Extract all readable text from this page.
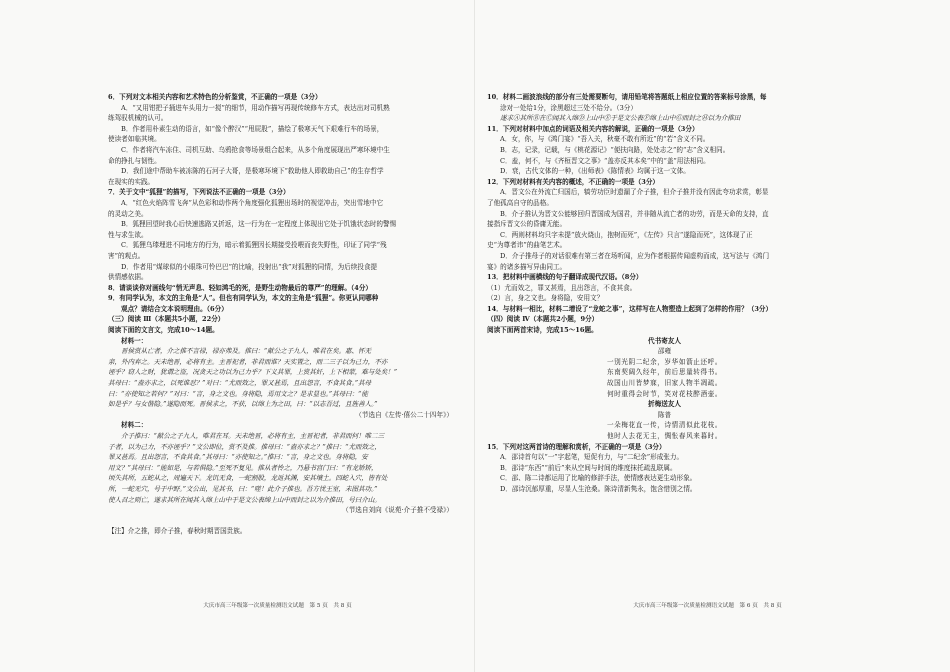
6．下列对文本相关内容和艺术特色的分析鉴赏，不正确的一项是（3分）

A．“又用钳把子捅进车头用力一搅”的细节，用动作描写再现传统修车方式，表达出对司机熟

练驾驭机械的认可。

B．作者用朴素生动的语言，如“像个醉汉”“甩屁股”，描绘了极寒天气下艰难行车的场景，

使读者如临其境。

C．作者将汽车冻住、司机互助、乌鸦抢食等场景组合起来，从多个角度展现出严寒环境中生

命的挣扎与韧性。

D．我们途中帮助车被冻陈的石河子大哥，是极寒环境下“救助他人即救助自己”的生存哲学

在现实的实践。

7．关于文中“狐狸”的描写，下列说法不正确的一项是（3分）

A．“红色火焰阵雪飞奔”从色彩和动作两个角度强化狐狸出场时的视觉冲击，突出雪地中它

的灵动之美。

B．狐狸回望时我心后快速逃路又折返，这一行为在一定程度上体现出它处于饥饿状态时的警惕

性与求生欲。

C．狐狸乌瑧埋进不同地方的行为，暗示着狐狸因长期接受投喂而丧失野性，印证了同学“残

害”的观点。

D．作者用“煤球似的小眼珠可怜巴巴”的比喻，投射出“我”对狐狸的同情，为后续投食提

供情感依据。

8．请谈谈你对画线句“悄无声息、轻如鸿毛的死，是野生动物最后的尊严”的理解。（4分）

9．有同学认为，本文的主角是“人”。但也有同学认为，本文的主角是“狐狸”。你更认同哪种

观点？请结合文本说明理由。（6分）

（三）阅读 Ⅲ（本题共5小题，22分）

阅读下面的文言文，完成10～14题。

材料一：

晋侯赏从亡者，介之推不言禄，禄亦弗及。推曰：“献公之子九人，唯君在矣。惠、怀无

亲，外内弃之。天未绝晋，必将有主。主晋祀者，非君而谁？天实置之，而二三子以为己力，不亦

诬乎？窃人之财，犹谓之盗，况贪天之功以为己力乎？下义其罪，上赏其奸，上下相蒙，难与处矣！”

其母曰：“盍亦求之，以死谁怼？”对曰：“尤而效之，罪又甚焉，且出怨言，不食其食。”其母

曰：“亦使知之若何？”对曰：“言，身之文也。身将隐，焉用文之？是求显也。”其母曰：“能

如是乎？与女偕隐。”遂隐而死。晋侯求之，不获，以绵上为之田，曰：“以志吾过，且旌善人。”

（节选自《左传·僖公二十四年》）

材料二：

介子推曰：“献公之子九人，唯君在耳。天未绝晋，必将有主，主晋祀者，非君而何！唯二三

子者，以为己力，不亦诬乎？”文公即位，赏不及推。推母曰：“盍亦求之？”推曰：“尤而效之，

罪又甚焉。且出怨言，不食其食。”其母曰：“亦使知之。”推曰：“言，身之文也。身将隐，安

用文？”其母曰：“能如是，与若俱隐。”至死不复见。推从者怜之，乃悬书宫门曰：“有龙矫矫，

顷失其所，五蛇从之，周遍天下。龙饥无食，一蛇割股，龙返其渊，安其壤土。四蛇入穴，皆有处

所，一蛇无穴，号于中野。”文公出，见其书，曰：“嗟！此介子推也。吾方忧王室，未图其功。”

使人召之则亡，遂求其所在闻其入绵上山中于是文公表绵上山中而封之以为介推田，号曰介山。

（节选自刘向《说苑·介子推不受禄》）

【注】介之推，即介子推，春秋时期晋国贵族。

大庆市高三年级第一次质量检测语文试题　第 5 页　共 8 页

10．材料二画波浪线的部分有三处需要断句，请用铅笔将答题纸上相应位置的答案标号涂黑，每

涂对一处给1分，涂黑超过三处不给分。（3分）

遂求Ⓐ其所Ⓑ在Ⓒ闻其入绵Ⓓ上山中Ⓔ于是文公表Ⓕ绵上山中Ⓖ而封之Ⓗ以为介推田

11．下列对材料中加点的词语及相关内容的解说，正确的一项是（3分）

A．女，你，与《鸿门宴》“吾入关，秋豪不敢有所近”的“若”含义不同。

B．志，记录，记载，与《桃花源记》“便扶向路，处处志之”的“志”含义相同。

C．盍，何不，与《齐桓晋文之事》“盖亦反其本矣”中的“盖”用法相同。

D．衰，古代文体的一种，《出师表》《陈情表》均属于这一文体。

12．下列对材料有关内容的概述，不正确的一项是（3分）

A．晋文公在外流亡归国后，犒劳功臣时遗漏了介子推，但介子推并没有因此夸功求赏，彰显

了他孤高自守的品格。

B．介子推认为晋文公能够回归晋国成为国君，并非随从流亡者的功劳，而是天命的支持，直

接指斥晋文公的昏庸无能。

C．两则材料均只字未提“放火烧山，抱树而死”，《左传》只言“遂隐而死”，这体现了正

史“为尊者讳”的曲笔艺术。

D．介子推母子的对话很难有第三者在场听闻，应为作者根据传闻虚构而成，这写法与《鸿门

宴》的诸多描写异曲同工。

13．把材料中画横线的句子翻译成现代汉语。（8分）

（1）尤而效之，罪又甚焉，且出怨言，不食其食。

（2）言，身之文也。身将隐，安用文？

14．与材料一相比，材料二增设了“龙蛇之事”，这样写在人物塑造上起到了怎样的作用？（3分）

（四）阅读 Ⅳ（本题共2小题，9分）

阅读下面两首宋诗，完成15～16题。

代书寄友人

邵雍

一别光阴二纪余，岁华如箭止还呼。

东南契阔久经年，前后思量转得书。

故国山川皆梦寐，旧家人物半凋疏。

何时重得会时节，笑对花枝醉酒壶。

折梅送友人

陈普

一朵梅花直一传，诗情清似此花枝。

他时人去花无主，惆怅春风来暮时。

15．下列对这两首诗的理解和赏析，不正确的一项是（3分）

A．邵诗首句以“一”字起笔，短促有力，与“二纪余”形成张力。

B．邵诗“东西”“前后”来从空间与时间的维度抹托疏乱联属。

C．邵、陈二诗都运用了比喻的修辞手法，使情感表达更生动形象。

D．邵诗沉郁厚重，尽显人生沧桑。陈诗清新隽永，饱含惜别之情。

大庆市高三年级第一次质量检测语文试题　第 6 页　共 8 页
